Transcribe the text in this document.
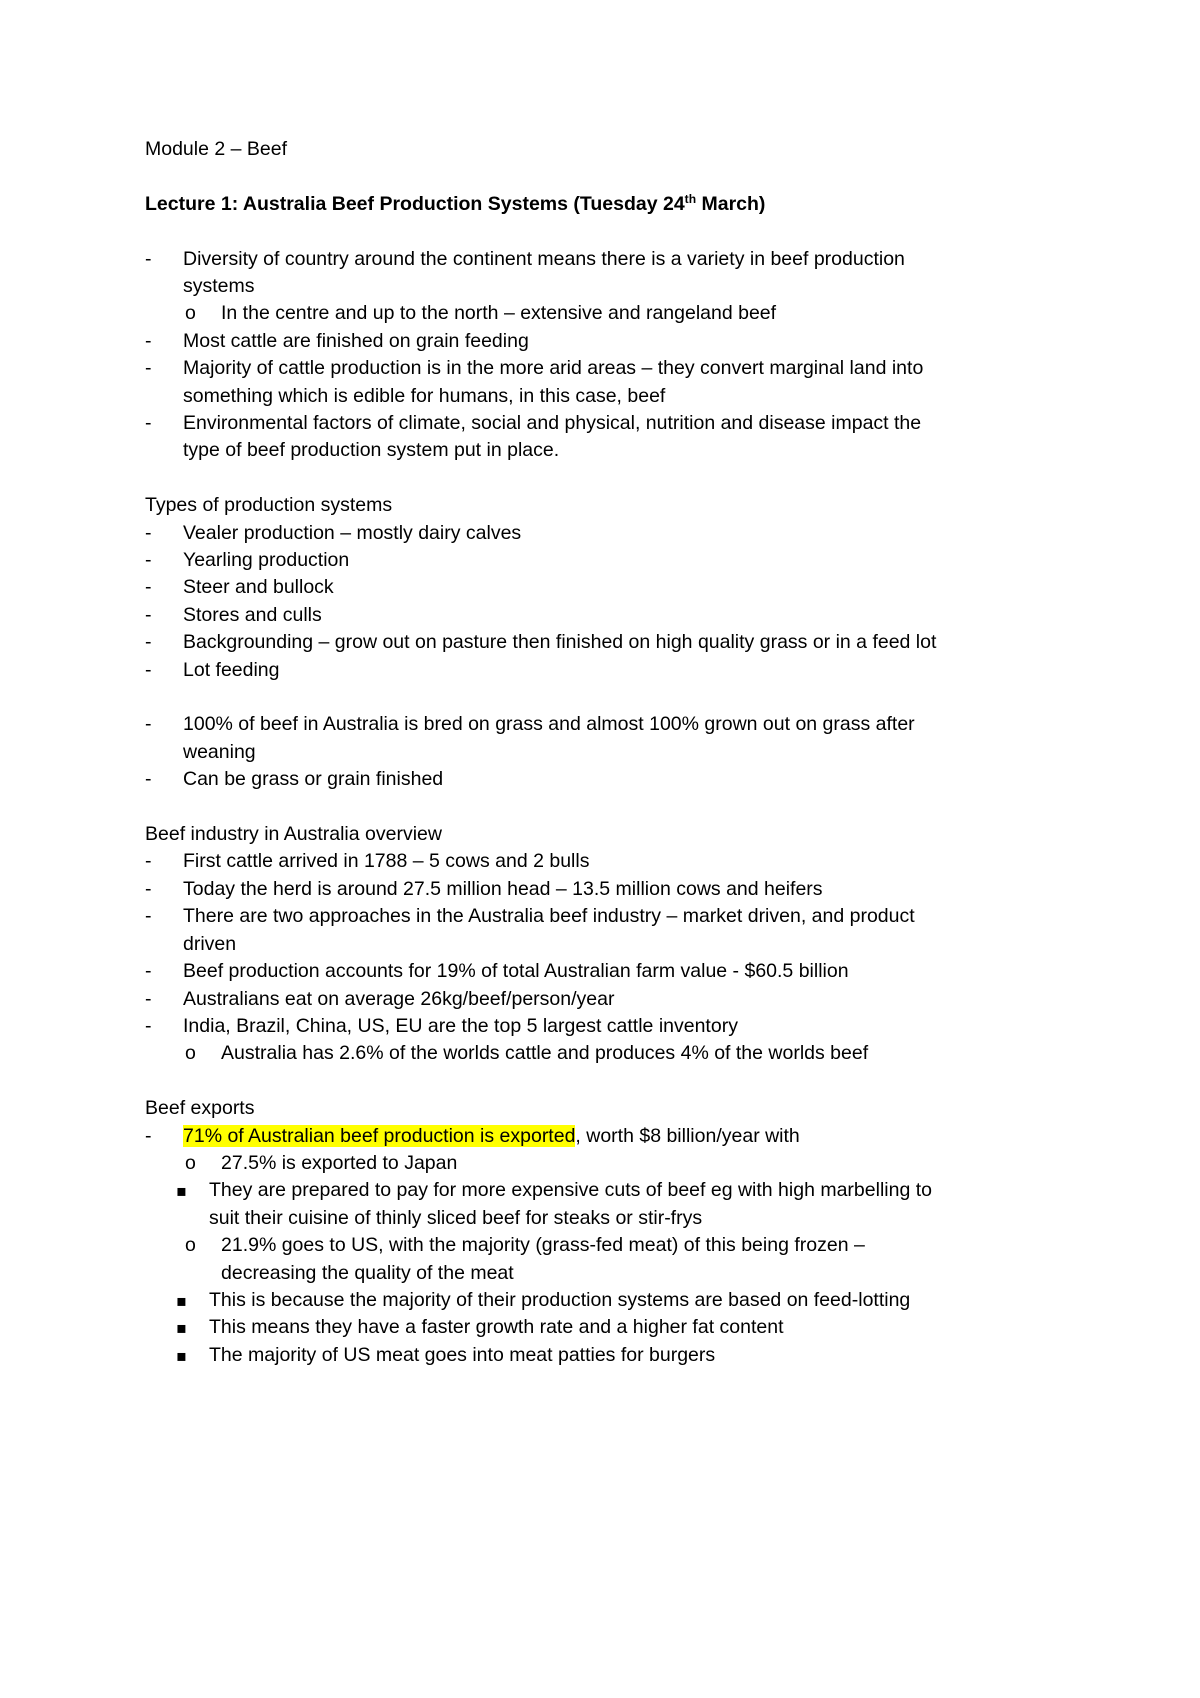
Module 2 – Beef
Lecture 1: Australia Beef Production Systems (Tuesday 24th March)
- Diversity of country around the continent means there is a variety in beef production
systems
o In the centre and up to the north – extensive and rangeland beef
- Most cattle are finished on grain feeding
- Majority of cattle production is in the more arid areas – they convert marginal land into
something which is edible for humans, in this case, beef
- Environmental factors of climate, social and physical, nutrition and disease impact the
type of beef production system put in place.
Types of production systems
- Vealer production – mostly dairy calves
- Yearling production
- Steer and bullock
- Stores and culls
- Backgrounding – grow out on pasture then finished on high quality grass or in a feed lot
- Lot feeding
- 100% of beef in Australia is bred on grass and almost 100% grown out on grass after
weaning
- Can be grass or grain finished
Beef industry in Australia overview
- First cattle arrived in 1788 – 5 cows and 2 bulls
- Today the herd is around 27.5 million head – 13.5 million cows and heifers
- There are two approaches in the Australia beef industry – market driven, and product
driven
- Beef production accounts for 19% of total Australian farm value - $60.5 billion
- Australians eat on average 26kg/beef/person/year
- India, Brazil, China, US, EU are the top 5 largest cattle inventory
o Australia has 2.6% of the worlds cattle and produces 4% of the worlds beef
Beef exports
- 71% of Australian beef production is exported, worth $8 billion/year with
o 27.5% is exported to Japan
▪ They are prepared to pay for more expensive cuts of beef eg with high marbelling to
suit their cuisine of thinly sliced beef for steaks or stir-frys
o 21.9% goes to US, with the majority (grass-fed meat) of this being frozen –
decreasing the quality of the meat
▪ This is because the majority of their production systems are based on feed-lotting
▪ This means they have a faster growth rate and a higher fat content
▪ The majority of US meat goes into meat patties for burgers
